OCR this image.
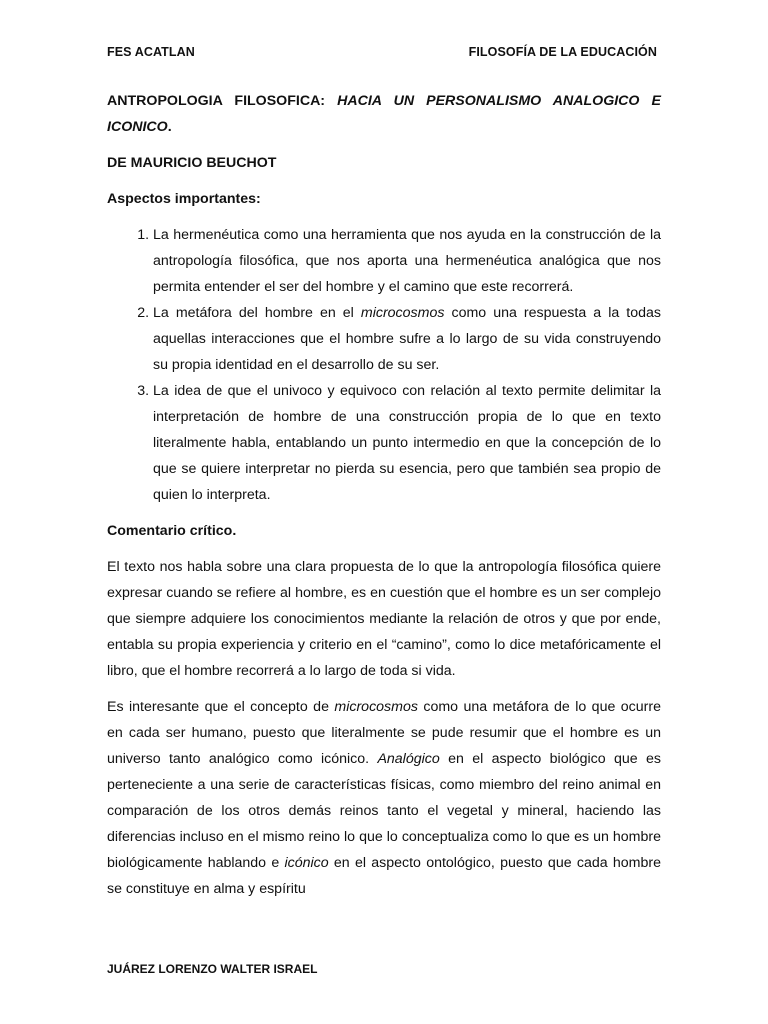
FES ACATLAN	FILOSOFÍA DE LA EDUCACIÓN
ANTROPOLOGIA FILOSOFICA: HACIA UN PERSONALISMO ANALOGICO E ICONICO.
DE MAURICIO BEUCHOT
Aspectos importantes:
1. La hermenéutica como una herramienta que nos ayuda en la construcción de la antropología filosófica, que nos aporta una hermenéutica analógica que nos permita entender el ser del hombre y el camino que este recorrerá.
2. La metáfora del hombre en el microcosmos como una respuesta a la todas aquellas interacciones que el hombre sufre a lo largo de su vida construyendo su propia identidad en el desarrollo de su ser.
3. La idea de que el univoco y equivoco con relación al texto permite delimitar la interpretación de hombre de una construcción propia de lo que en texto literalmente habla, entablando un punto intermedio en que la concepción de lo que se quiere interpretar no pierda su esencia, pero que también sea propio de quien lo interpreta.
Comentario crítico.

El texto nos habla sobre una clara propuesta de lo que la antropología filosófica quiere expresar cuando se refiere al hombre, es en cuestión que el hombre es un ser complejo que siempre adquiere los conocimientos mediante la relación de otros y que por ende, entabla su propia experiencia y criterio en el “camino”, como lo dice metafóricamente el libro, que el hombre recorrerá a lo largo de toda si vida.

Es interesante que el concepto de microcosmos como una metáfora de lo que ocurre en cada ser humano, puesto que literalmente se pude resumir que el hombre es un universo tanto analógico como icónico. Analógico en el aspecto biológico que es perteneciente a una serie de características físicas, como miembro del reino animal en comparación de los otros demás reinos tanto el vegetal y mineral, haciendo las diferencias incluso en el mismo reino lo que lo conceptualiza como lo que es un hombre biológicamente hablando e icónico en el aspecto ontológico, puesto que cada hombre se constituye en alma y espíritu

JUÁREZ LORENZO WALTER ISRAEL
